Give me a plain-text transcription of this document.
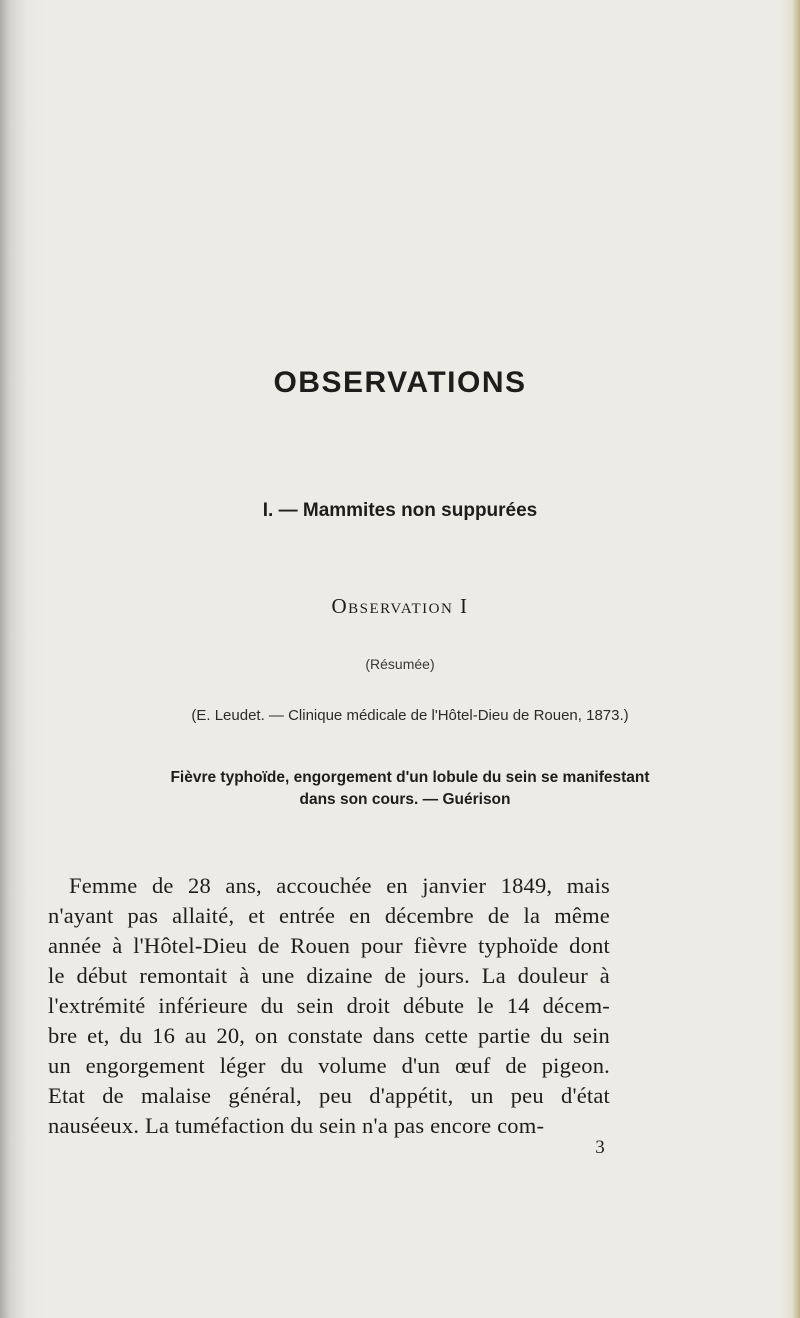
OBSERVATIONS
I. — Mammites non suppurées
Observation I
(Résumée)
(E. Leudet. — Clinique médicale de l'Hôtel-Dieu de Rouen, 1873.)
Fièvre typhoïde, engorgement d'un lobule du sein se manifestant
dans son cours. — Guérison
Femme de 28 ans, accouchée en janvier 1849, mais
n'ayant pas allaité, et entrée en décembre de la même
année à l'Hôtel-Dieu de Rouen pour fièvre typhoïde dont
le début remontait à une dizaine de jours. La douleur à
l'extrémité inférieure du sein droit débute le 14 décem-
bre et, du 16 au 20, on constate dans cette partie du sein
un engorgement léger du volume d'un œuf de pigeon.
Etat de malaise général, peu d'appétit, un peu d'état
nauséeux. La tuméfaction du sein n'a pas encore com-
3
